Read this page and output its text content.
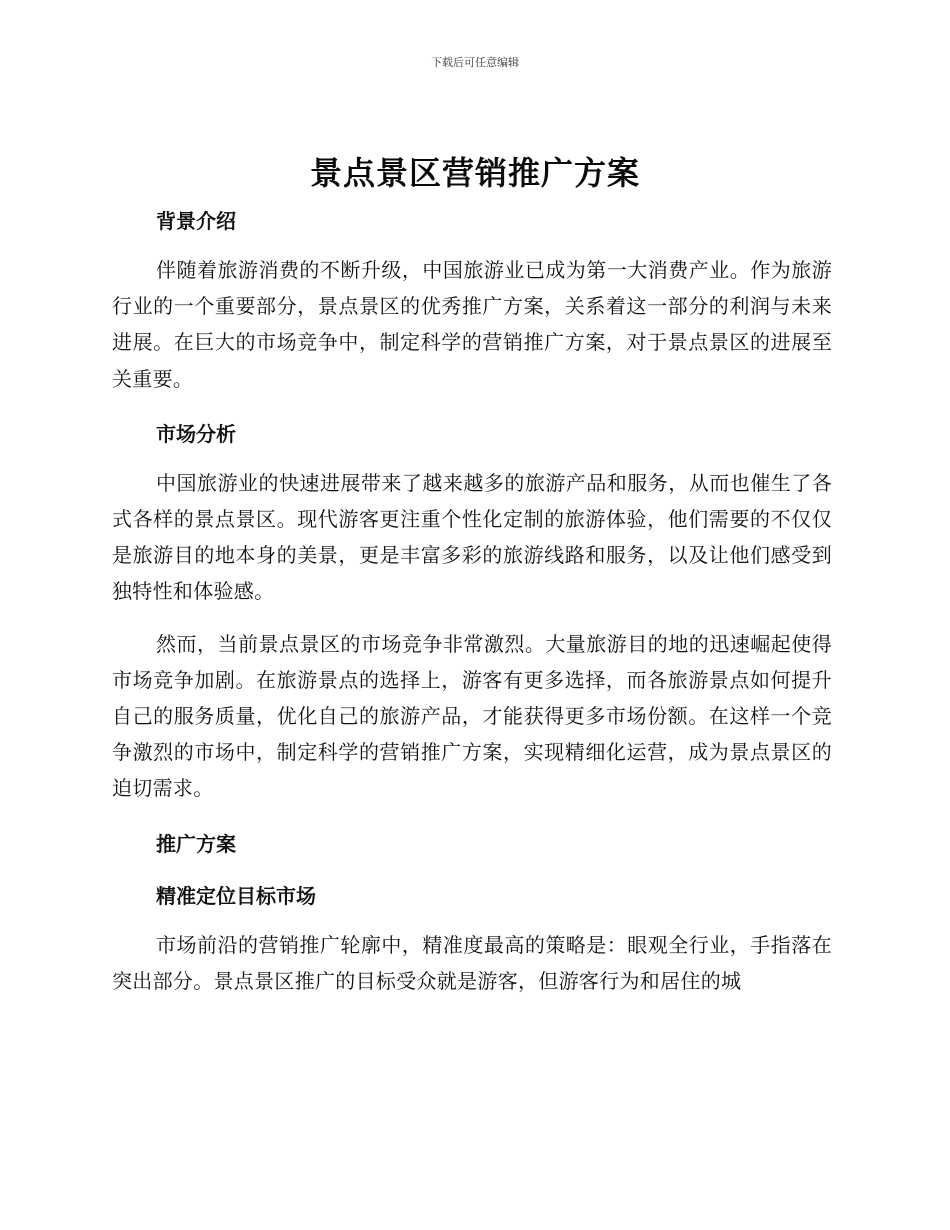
下载后可任意编辑
景点景区营销推广方案
背景介绍

伴随着旅游消费的不断升级，中国旅游业已成为第一大消费产业。作为旅游行业的一个重要部分，景点景区的优秀推广方案，关系着这一部分的利润与未来进展。在巨大的市场竞争中，制定科学的营销推广方案，对于景点景区的进展至关重要。

市场分析

中国旅游业的快速进展带来了越来越多的旅游产品和服务，从而也催生了各式各样的景点景区。现代游客更注重个性化定制的旅游体验，他们需要的不仅仅是旅游目的地本身的美景，更是丰富多彩的旅游线路和服务，以及让他们感受到独特性和体验感。

然而，当前景点景区的市场竞争非常激烈。大量旅游目的地的迅速崛起使得市场竞争加剧。在旅游景点的选择上，游客有更多选择，而各旅游景点如何提升自己的服务质量，优化自己的旅游产品，才能获得更多市场份额。在这样一个竞争激烈的市场中，制定科学的营销推广方案，实现精细化运营，成为景点景区的迫切需求。

推广方案
精准定位目标市场

市场前沿的营销推广轮廓中，精准度最高的策略是：眼观全行业，手指落在突出部分。景点景区推广的目标受众就是游客，但游客行为和居住的城
